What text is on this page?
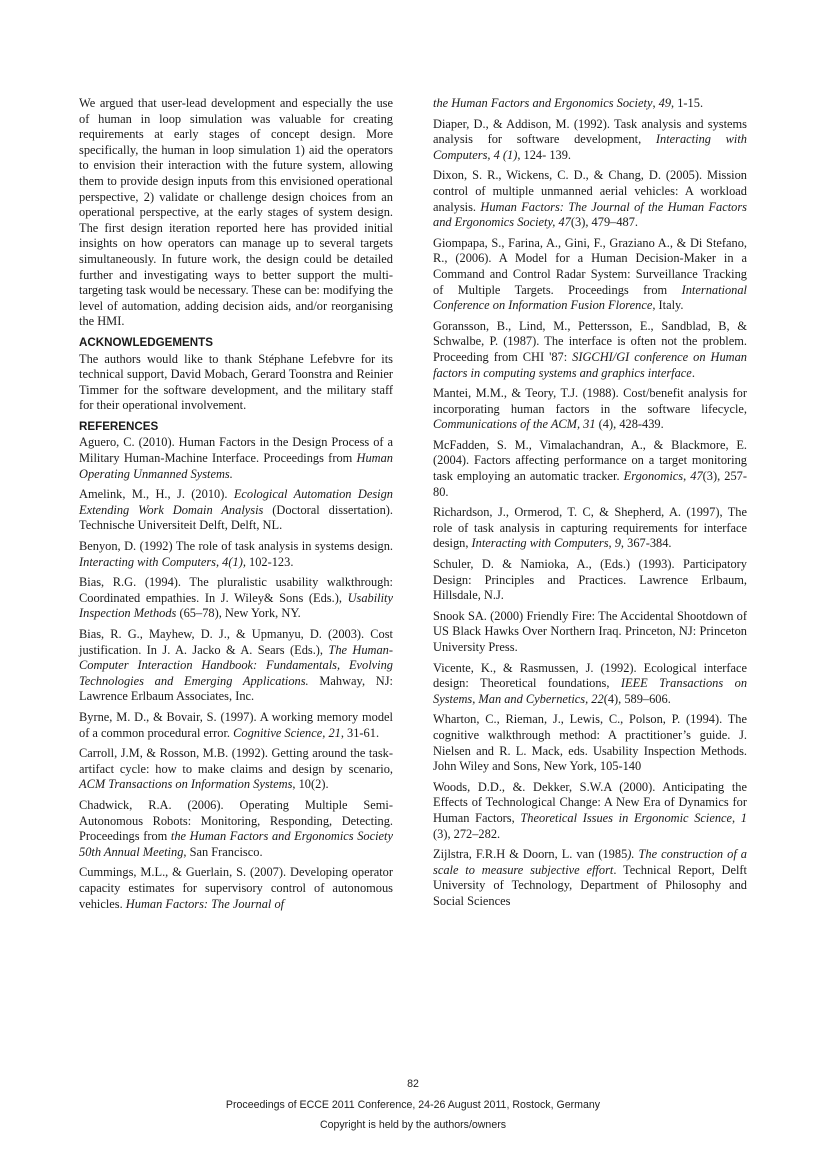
We argued that user-lead development and especially the use of human in loop simulation was valuable for creating requirements at early stages of concept design. More specifically, the human in loop simulation 1) aid the operators to envision their interaction with the future system, allowing them to provide design inputs from this envisioned operational perspective, 2) validate or challenge design choices from an operational perspective, at the early stages of system design. The first design iteration reported here has provided initial insights on how operators can manage up to several targets simultaneously. In future work, the design could be detailed further and investigating ways to better support the multi-targeting task would be necessary. These can be: modifying the level of automation, adding decision aids, and/or reorganising the HMI.

ACKNOWLEDGEMENTS

The authors would like to thank Stéphane Lefebvre for its technical support, David Mobach, Gerard Toonstra and Reinier Timmer for the software development, and the military staff for their operational involvement.

REFERENCES

Aguero, C. (2010). Human Factors in the Design Process of a Military Human-Machine Interface. Proceedings from Human Operating Unmanned Systems.

Amelink, M., H., J. (2010). Ecological Automation Design Extending Work Domain Analysis (Doctoral dissertation). Technische Universiteit Delft, Delft, NL.

Benyon, D. (1992) The role of task analysis in systems design. Interacting with Computers, 4(1), 102-123.

Bias, R.G. (1994). The pluralistic usability walkthrough: Coordinated empathies. In J. Wiley& Sons (Eds.), Usability Inspection Methods (65–78), New York, NY.

Bias, R. G., Mayhew, D. J., & Upmanyu, D. (2003). Cost justification. In J. A. Jacko & A. Sears (Eds.), The Human-Computer Interaction Handbook: Fundamentals, Evolving Technologies and Emerging Applications. Mahway, NJ: Lawrence Erlbaum Associates, Inc.

Byrne, M. D., & Bovair, S. (1997). A working memory model of a common procedural error. Cognitive Science, 21, 31-61.

Carroll, J.M, & Rosson, M.B. (1992). Getting around the task-artifact cycle: how to make claims and design by scenario, ACM Transactions on Information Systems, 10(2).

Chadwick, R.A. (2006). Operating Multiple Semi-Autonomous Robots: Monitoring, Responding, Detecting. Proceedings from the Human Factors and Ergonomics Society 50th Annual Meeting, San Francisco.

Cummings, M.L., & Guerlain, S. (2007). Developing operator capacity estimates for supervisory control of autonomous vehicles. Human Factors: The Journal of

the Human Factors and Ergonomics Society, 49, 1-15.

Diaper, D., & Addison, M. (1992). Task analysis and systems analysis for software development, Interacting with Computers, 4 (1), 124- 139.

Dixon, S. R., Wickens, C. D., & Chang, D. (2005). Mission control of multiple unmanned aerial vehicles: A workload analysis. Human Factors: The Journal of the Human Factors and Ergonomics Society, 47(3), 479–487.

Giompapa, S., Farina, A., Gini, F., Graziano A., & Di Stefano, R., (2006). A Model for a Human Decision-Maker in a Command and Control Radar System: Surveillance Tracking of Multiple Targets. Proceedings from International Conference on Information Fusion Florence, Italy.

Goransson, B., Lind, M., Pettersson, E., Sandblad, B, & Schwalbe, P. (1987). The interface is often not the problem. Proceeding from CHI '87: SIGCHI/GI conference on Human factors in computing systems and graphics interface.

Mantei, M.M., & Teory, T.J. (1988). Cost/benefit analysis for incorporating human factors in the software lifecycle, Communications of the ACM, 31 (4), 428-439.

McFadden, S. M., Vimalachandran, A., & Blackmore, E. (2004). Factors affecting performance on a target monitoring task employing an automatic tracker. Ergonomics, 47(3), 257-80.

Richardson, J., Ormerod, T. C, & Shepherd, A. (1997), The role of task analysis in capturing requirements for interface design, Interacting with Computers, 9, 367-384.

Schuler, D. & Namioka, A., (Eds.) (1993). Participatory Design: Principles and Practices. Lawrence Erlbaum, Hillsdale, N.J.

Snook SA. (2000) Friendly Fire: The Accidental Shootdown of US Black Hawks Over Northern Iraq. Princeton, NJ: Princeton University Press.

Vicente, K., & Rasmussen, J. (1992). Ecological interface design: Theoretical foundations, IEEE Transactions on Systems, Man and Cybernetics, 22(4), 589–606.

Wharton, C., Rieman, J., Lewis, C., Polson, P. (1994). The cognitive walkthrough method: A practitioner’s guide. J. Nielsen and R. L. Mack, eds. Usability Inspection Methods. John Wiley and Sons, New York, 105-140

Woods, D.D., &. Dekker, S.W.A (2000). Anticipating the Effects of Technological Change: A New Era of Dynamics for Human Factors, Theoretical Issues in Ergonomic Science, 1 (3), 272–282.

Zijlstra, F.R.H & Doorn, L. van (1985). The construction of a scale to measure subjective effort. Technical Report, Delft University of Technology, Department of Philosophy and Social Sciences

82
Proceedings of ECCE 2011 Conference, 24-26 August 2011, Rostock, Germany
Copyright is held by the authors/owners
